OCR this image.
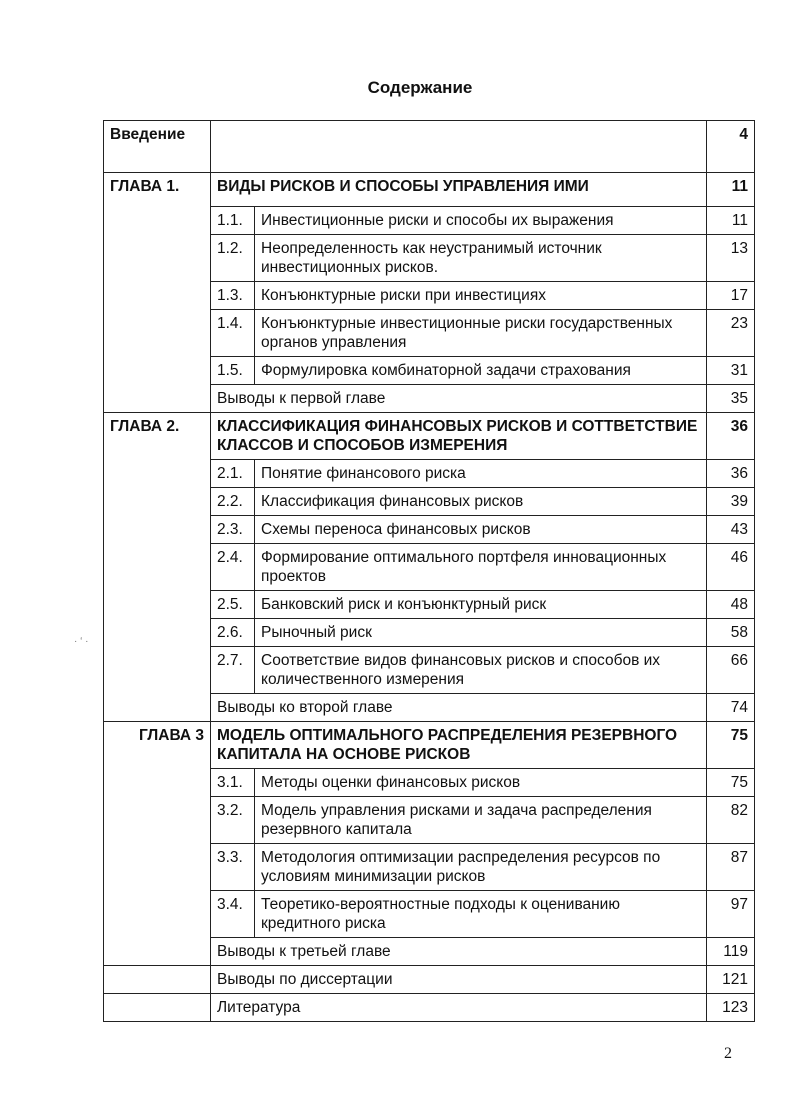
Содержание
Введение			4
ГЛАВА 1.	ВИДЫ РИСКОВ И СПОСОБЫ УПРАВЛЕНИЯ ИМИ		11
	1.1.	Инвестиционные риски и способы их выражения	11
	1.2.	Неопределенность как неустранимый источник инвестиционных рисков.	13
	1.3.	Конъюнктурные риски при инвестициях	17
	1.4.	Конъюнктурные инвестиционные риски государственных органов управления	23
	1.5.	Формулировка комбинаторной задачи страхования	31
	Выводы к первой главе		35
ГЛАВА 2.	КЛАССИФИКАЦИЯ ФИНАНСОВЫХ РИСКОВ И СОТТВЕТСТВИЕ КЛАССОВ И СПОСОБОВ ИЗМЕРЕНИЯ		36
	2.1.	Понятие финансового риска	36
	2.2.	Классификация финансовых рисков	39
	2.3.	Схемы переноса финансовых рисков	43
	2.4.	Формирование оптимального портфеля инновационных проектов	46
	2.5.	Банковский риск и конъюнктурный риск	48
	2.6.	Рыночный риск	58
	2.7.	Соответствие видов финансовых рисков и способов их количественного измерения	66
	Выводы ко второй главе		74
ГЛАВА 3	МОДЕЛЬ ОПТИМАЛЬНОГО РАСПРЕДЕЛЕНИЯ РЕЗЕРВНОГО КАПИТАЛА НА ОСНОВЕ РИСКОВ		75
	3.1.	Методы оценки финансовых рисков	75
	3.2.	Модель управления рисками и задача распределения резервного капитала	82
	3.3.	Методология оптимизации распределения ресурсов по условиям минимизации рисков	87
	3.4.	Теоретико-вероятностные подходы к оцениванию кредитного риска	97
	Выводы к третьей главе		119
	Выводы по диссертации		121
	Литература		123
2
· ‘ ·
